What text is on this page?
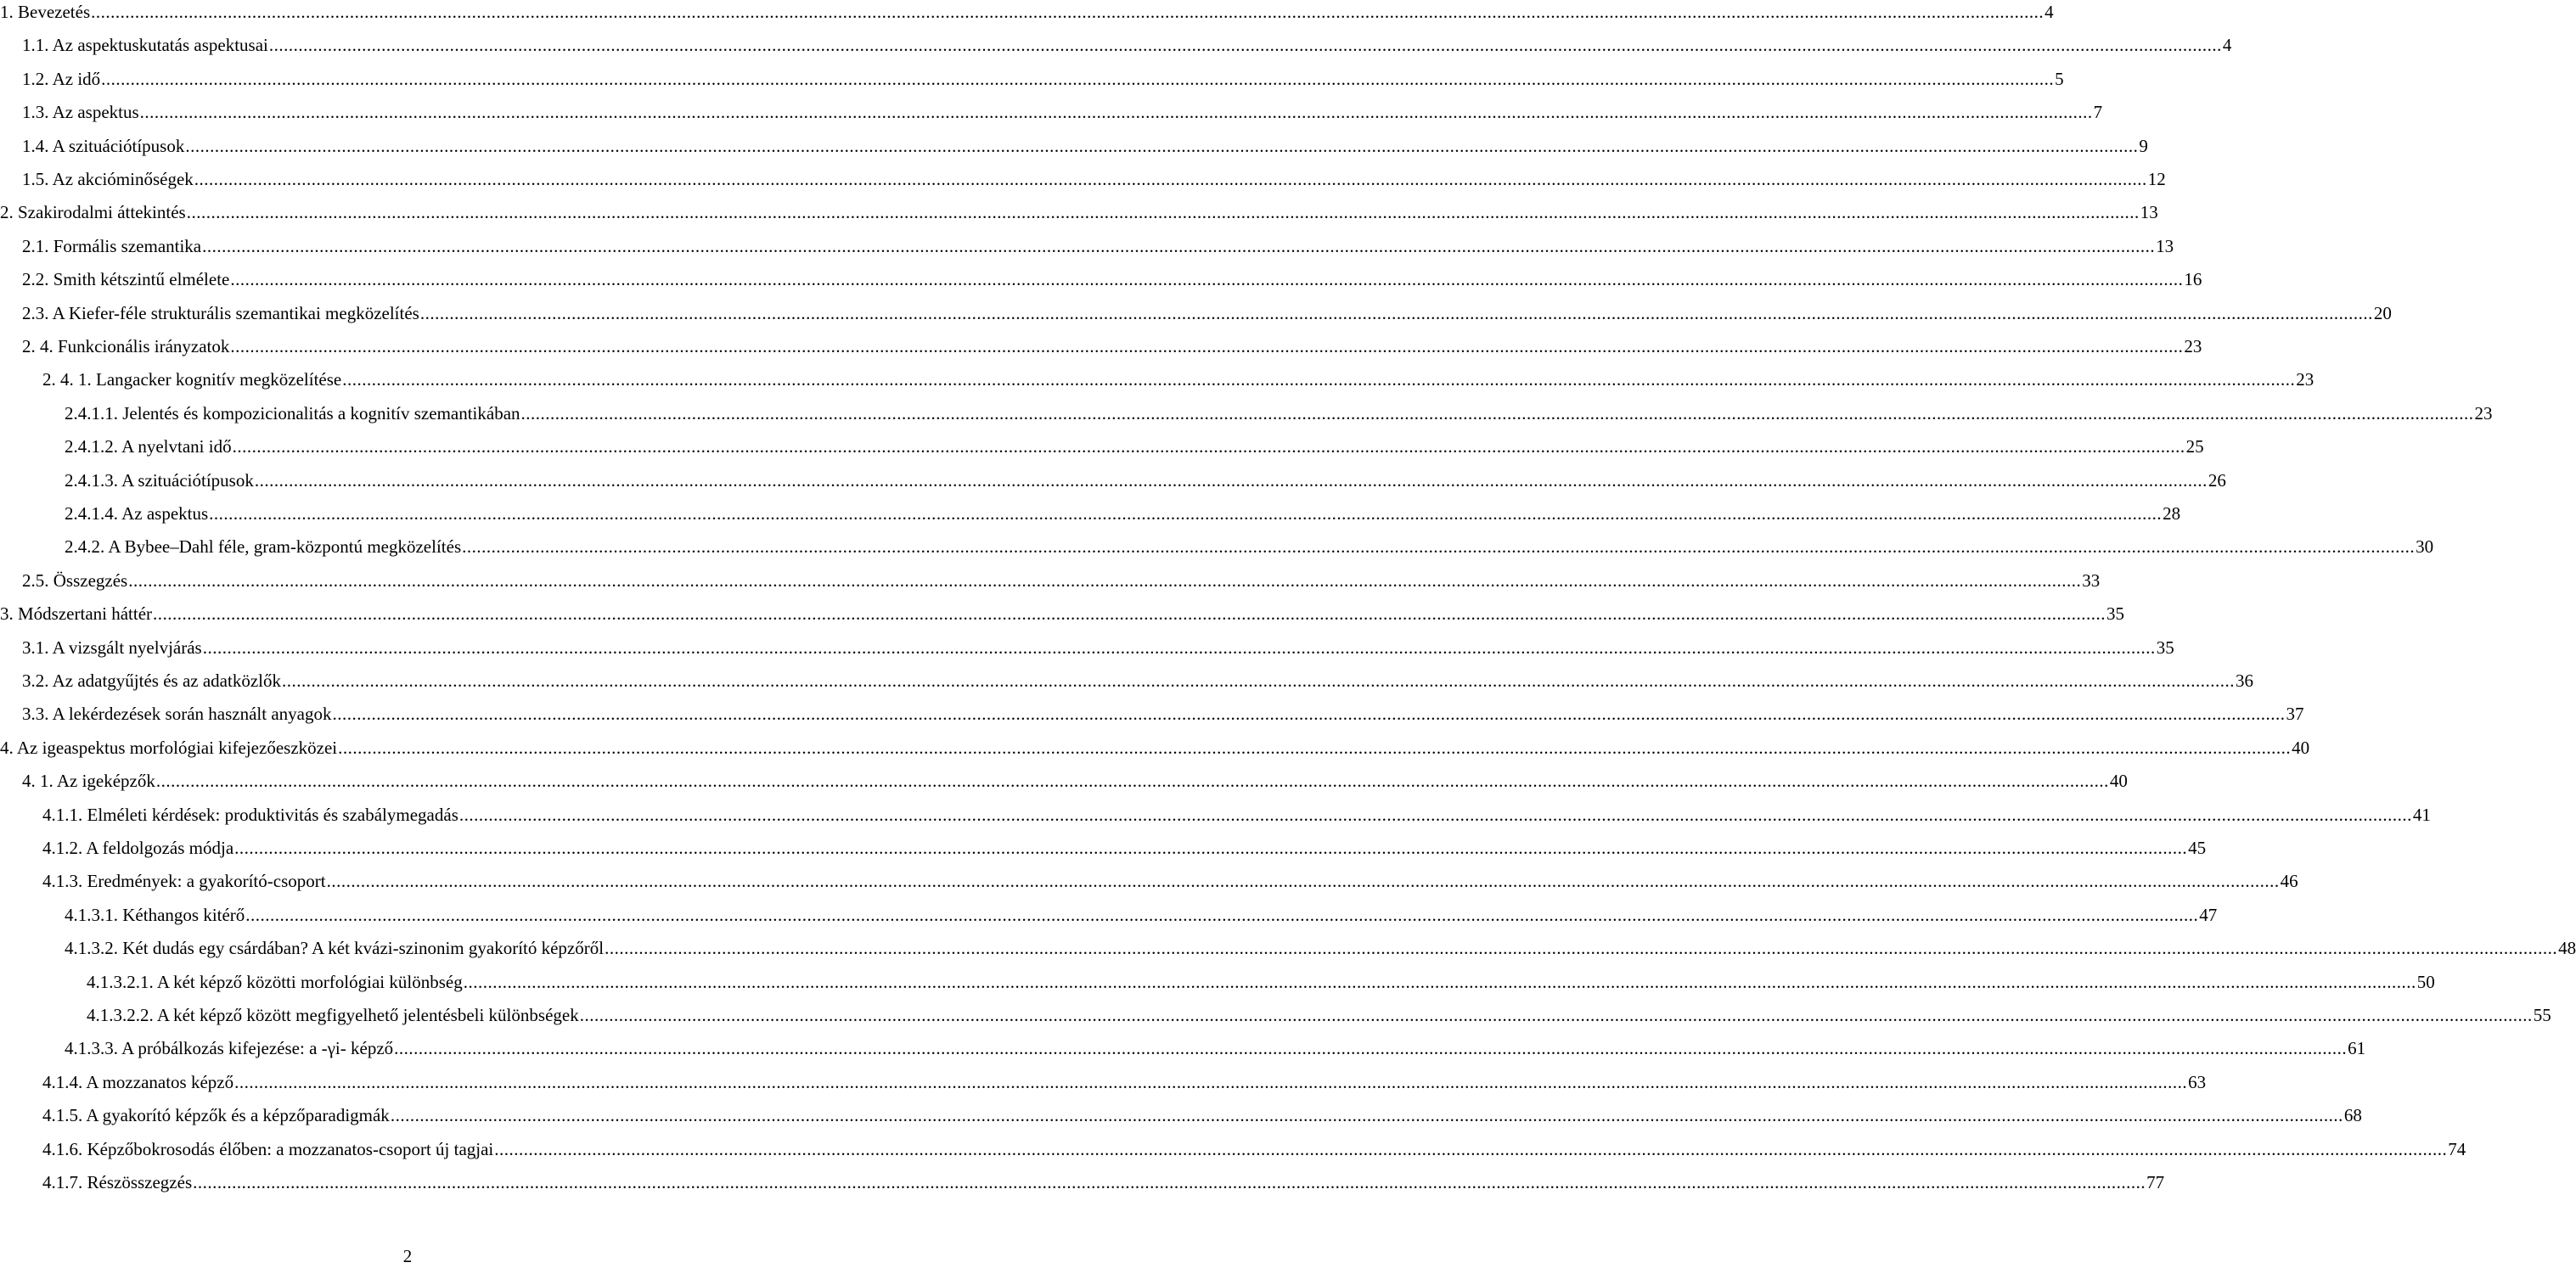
1. Bevezetés ................................................................................................................................................................................................................................................................................................................................................................................................................ 4
1.1. Az aspektuskutatás aspektusai ................................................................................................................................................................................................................................................................................................................................................................................................................ 4
1.2. Az idő ................................................................................................................................................................................................................................................................................................................................................................................................................ 5
1.3. Az aspektus ................................................................................................................................................................................................................................................................................................................................................................................................................ 7
1.4. A szituációtípusok ................................................................................................................................................................................................................................................................................................................................................................................................................ 9
1.5. Az akcióminőségek ................................................................................................................................................................................................................................................................................................................................................................................................................ 12
2. Szakirodalmi áttekintés ................................................................................................................................................................................................................................................................................................................................................................................................................ 13
2.1. Formális szemantika ................................................................................................................................................................................................................................................................................................................................................................................................................ 13
2.2. Smith kétszintű elmélete ................................................................................................................................................................................................................................................................................................................................................................................................................ 16
2.3. A Kiefer-féle strukturális szemantikai megközelítés ................................................................................................................................................................................................................................................................................................................................................................................................................ 20
2. 4. Funkcionális irányzatok ................................................................................................................................................................................................................................................................................................................................................................................................................ 23
2. 4. 1. Langacker kognitív megközelítése ................................................................................................................................................................................................................................................................................................................................................................................................................ 23
2.4.1.1. Jelentés és kompozicionalitás a kognitív szemantikában ................................................................................................................................................................................................................................................................................................................................................................................................................ 23
2.4.1.2. A nyelvtani idő ................................................................................................................................................................................................................................................................................................................................................................................................................ 25
2.4.1.3. A szituációtípusok ................................................................................................................................................................................................................................................................................................................................................................................................................ 26
2.4.1.4. Az aspektus ................................................................................................................................................................................................................................................................................................................................................................................................................ 28
2.4.2. A Bybee–Dahl féle, gram-központú megközelítés ................................................................................................................................................................................................................................................................................................................................................................................................................ 30
2.5. Összegzés ................................................................................................................................................................................................................................................................................................................................................................................................................ 33
3. Módszertani háttér ................................................................................................................................................................................................................................................................................................................................................................................................................ 35
3.1. A vizsgált nyelvjárás ................................................................................................................................................................................................................................................................................................................................................................................................................ 35
3.2. Az adatgyűjtés és az adatközlők ................................................................................................................................................................................................................................................................................................................................................................................................................ 36
3.3. A lekérdezések során használt anyagok ................................................................................................................................................................................................................................................................................................................................................................................................................ 37
4. Az igeaspektus morfológiai kifejezőeszközei ................................................................................................................................................................................................................................................................................................................................................................................................................ 40
4. 1. Az igeképzők ................................................................................................................................................................................................................................................................................................................................................................................................................ 40
4.1.1. Elméleti kérdések: produktivitás és szabálymegadás ................................................................................................................................................................................................................................................................................................................................................................................................................ 41
4.1.2. A feldolgozás módja ................................................................................................................................................................................................................................................................................................................................................................................................................ 45
4.1.3. Eredmények: a gyakorító-csoport ................................................................................................................................................................................................................................................................................................................................................................................................................ 46
4.1.3.1. Kéthangos kitérő ................................................................................................................................................................................................................................................................................................................................................................................................................ 47
4.1.3.2. Két dudás egy csárdában? A két kvázi-szinonim gyakorító képzőről ................................................................................................................................................................................................................................................................................................................................................................................................................ 48
4.1.3.2.1. A két képző közötti morfológiai különbség ................................................................................................................................................................................................................................................................................................................................................................................................................ 50
4.1.3.2.2. A két képző között megfigyelhető jelentésbeli különbségek ................................................................................................................................................................................................................................................................................................................................................................................................................ 55
4.1.3.3. A próbálkozás kifejezése: a -γi- képző ................................................................................................................................................................................................................................................................................................................................................................................................................ 61
4.1.4. A mozzanatos képző ................................................................................................................................................................................................................................................................................................................................................................................................................ 63
4.1.5. A gyakorító képzők és a képzőparadigmák ................................................................................................................................................................................................................................................................................................................................................................................................................ 68
4.1.6. Képzőbokrosodás élőben: a mozzanatos-csoport új tagjai ................................................................................................................................................................................................................................................................................................................................................................................................................ 74
4.1.7. Részösszegzés ................................................................................................................................................................................................................................................................................................................................................................................................................ 77
2
